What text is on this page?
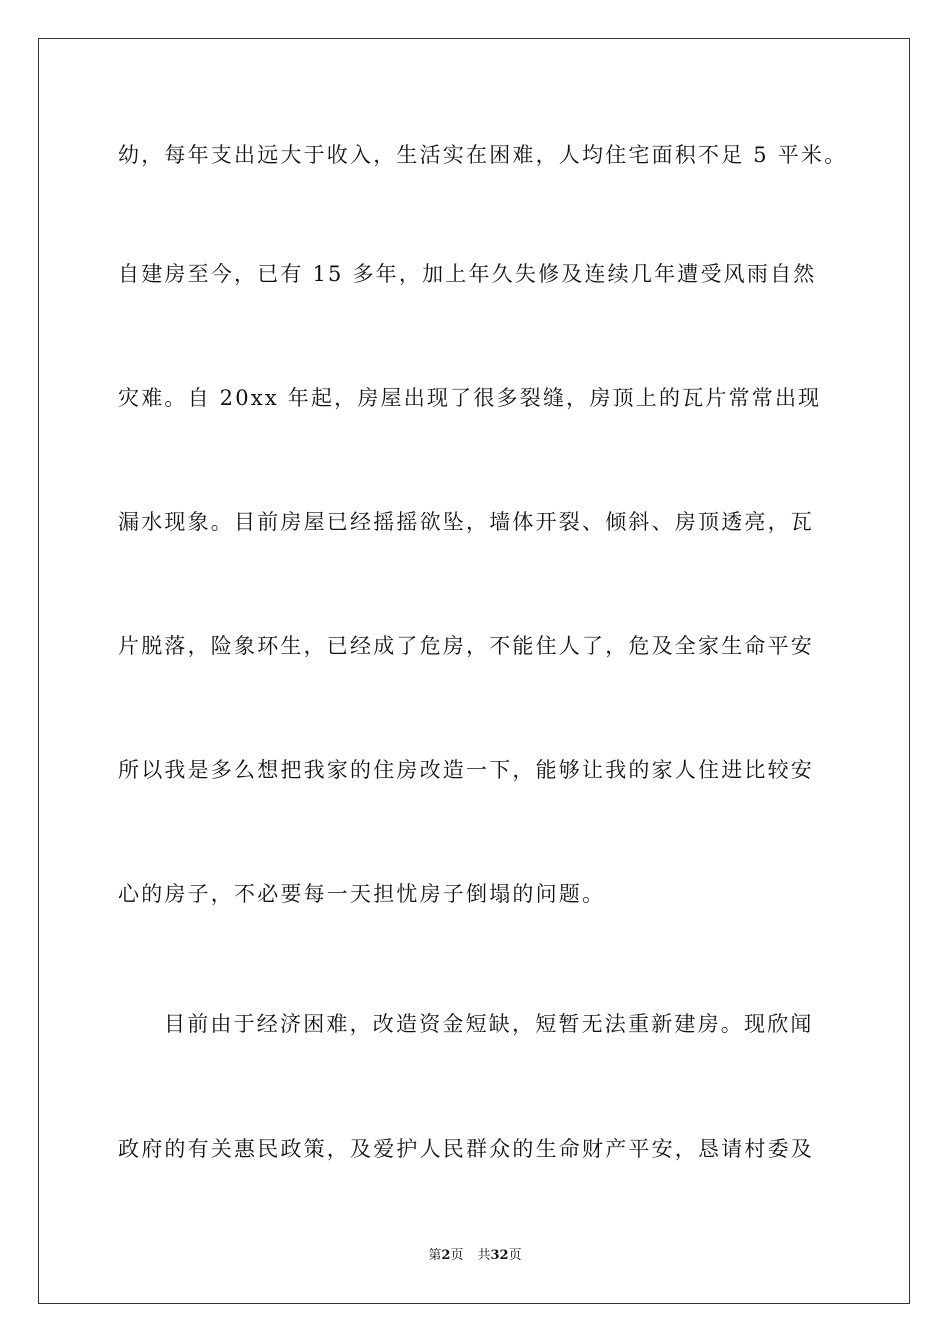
幼，每年支出远大于收入，生活实在困难，人均住宅面积不足 5 平米。
自建房至今，已有 15 多年，加上年久失修及连续几年遭受风雨自然
灾难。自 20xx 年起，房屋出现了很多裂缝，房顶上的瓦片常常出现
漏水现象。目前房屋已经摇摇欲坠，墙体开裂、倾斜、房顶透亮，瓦
片脱落，险象环生，已经成了危房，不能住人了，危及全家生命平安
所以我是多么想把我家的住房改造一下，能够让我的家人住进比较安
心的房子，不必要每一天担忧房子倒塌的问题。
目前由于经济困难，改造资金短缺，短暂无法重新建房。现欣闻
政府的有关惠民政策，及爱护人民群众的生命财产平安，恳请村委及
第2页 共32页
